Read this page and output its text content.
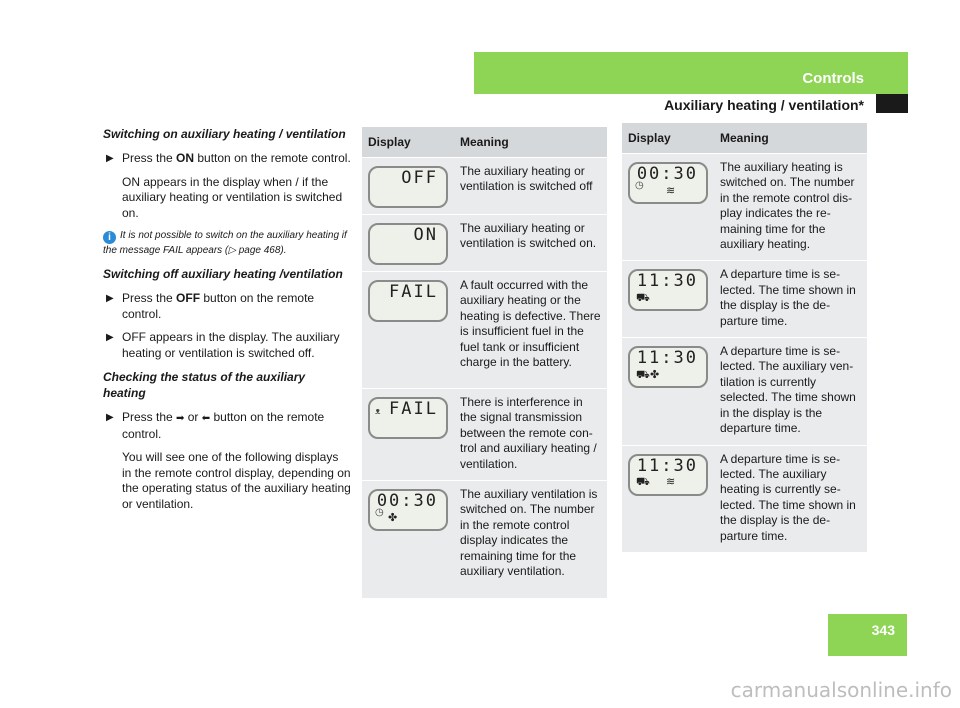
Controls
Auxiliary heating / ventilation*
Switching on auxiliary heating / ventilation
▶ Press the ON button on the remote control.
ON appears in the display when / if the auxiliary heating or ventilation is switched on.

i It is not possible to switch on the auxiliary heating if the message FAIL appears (▷ page 468).

Switching off auxiliary heating /ventilation
▶ Press the OFF button on the remote control.
▶ OFF appears in the display. The auxiliary heating or ventilation is switched off.
Checking the status of the auxiliary heating
▶ Press the ➡ or ⬅ button on the remote control.
You will see one of the following displays in the remote control display, depending on the operating status of the auxiliary heating or ventilation.
Display	Meaning

OFF	The auxiliary heating or ventilation is switched off

ON	The auxiliary heating or ventilation is switched on.

FAIL	A fault occurred with the auxiliary heating or the heating is defective. There is insufficient fuel in the fuel tank or insufficient charge in the battery.

ᴥ FAIL	There is interference in the signal transmission between the remote control and auxiliary heating / ventilation.

◷
00:30
✤	The auxiliary ventilation is switched on. The number in the remote control display indicates the remaining time for the auxiliary ventilation.
Display	Meaning

◷
00:30
≋	The auxiliary heating is switched on. The number in the remote control display indicates the remaining time for the auxiliary heating.

11:30
⛟	A departure time is selected. The time shown in the display is the departure time.

11:30
⛟ ✤	A departure time is selected. The auxiliary ventilation is currently selected. The time shown in the display is the departure time.

11:30
⛟ ≋	A departure time is selected. The auxiliary heating is currently selected. The time shown in the display is the departure time.
343
carmanualsonline.info
